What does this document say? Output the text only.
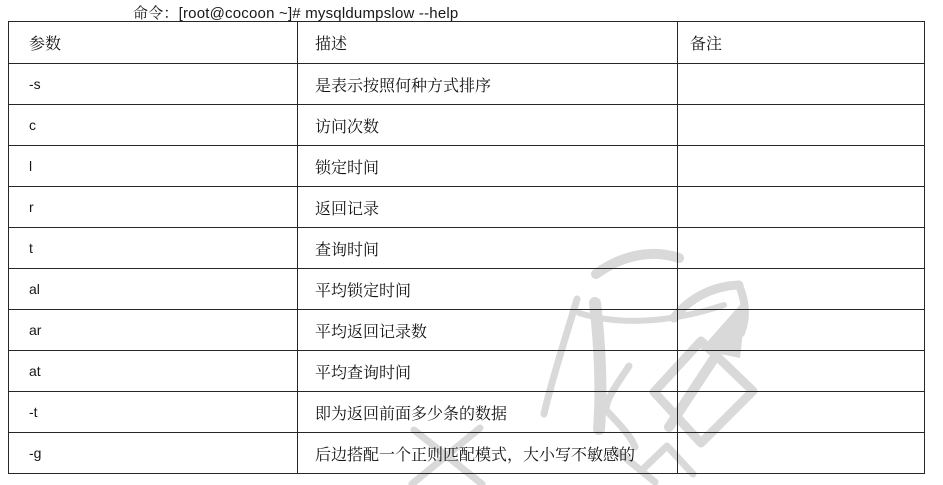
命令：[root@cocoon ~]# mysqldumpslow --help
参数	描述	备注
-s	是表示按照何种方式排序	
c	访问次数	
l	锁定时间	
r	返回记录	
t	查询时间	
al	平均锁定时间	
ar	平均返回记录数	
at	平均查询时间	
-t	即为返回前面多少条的数据	
-g	后边搭配一个正则匹配模式，大小写不敏感的	
